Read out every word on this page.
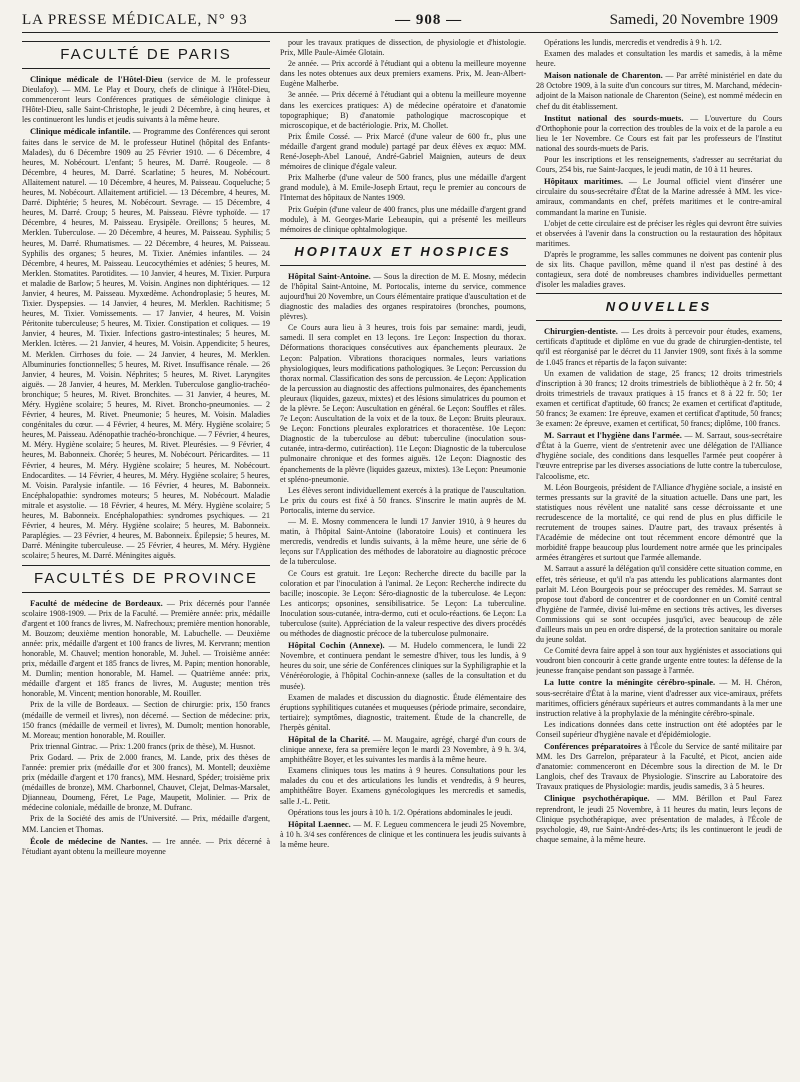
LA PRESSE MÉDICALE, N° 93	— 908 —	Samedi, 20 Novembre 1909
FACULTÉ DE PARIS

Clinique médicale de l'Hôtel-Dieu (service de M. le professeur Dieulafoy). — MM. Le Play et Doury, chefs de clinique à l'Hôtel-Dieu, commenceront leurs Conférences pratiques de séméiologie clinique à l'Hôtel-Dieu, salle Saint-Christophe, le jeudi 2 Décembre, à cinq heures, et les continueront les lundis et jeudis suivants à la même heure.

Clinique médicale infantile. — Programme des Conférences qui seront faites dans le service de M. le professeur Hutinel (hôpital des Enfants-Malades), du 6 Décembre 1909 au 25 Février 1910. — 6 Décembre, 4 heures, M. Nobécourt. L'enfant; 5 heures, M. Darré. Rougeole. — 8 Décembre, 4 heures, M. Darré. Scarlatine; 5 heures, M. Nobécourt. Allaitement naturel. — 10 Décembre, 4 heures, M. Paisseau. Coqueluche; 5 heures, M. Nobécourt. Allaitement artificiel. — 13 Décembre, 4 heures, M. Darré. Diphtérie; 5 heures, M. Nobécourt. Sevrage. — 15 Décembre, 4 heures, M. Darré. Croup; 5 heures, M. Paisseau. Fièvre typhoïde. — 17 Décembre, 4 heures, M. Paisseau. Erysipèle. Oreillons; 5 heures, M. Merklen. Tuberculose. — 20 Décembre, 4 heures, M. Paisseau. Syphilis; 5 heures, M. Darré. Rhumatismes. — 22 Décembre, 4 heures, M. Paisseau. Syphilis des organes; 5 heures, M. Tixier. Anémies infantiles. — 24 Décembre, 4 heures, M. Paisseau. Leucocythémies et adénies; 5 heures, M. Merklen. Stomatites. Parotidites. — 10 Janvier, 4 heures, M. Tixier. Purpura et maladie de Barlow; 5 heures, M. Voisin. Angines non diphtériques. — 12 Janvier, 4 heures, M. Paisseau. Myxœdème. Achondroplasie; 5 heures, M. Tixier. Dyspepsies. — 14 Janvier, 4 heures, M. Merklen. Rachitisme; 5 heures, M. Tixier. Vomissements. — 17 Janvier, 4 heures, M. Voisin Péritonite tuberculeuse; 5 heures, M. Tixier. Constipation et coliques. — 19 Janvier, 4 heures, M. Tixier. Infections gastro-intestinales; 5 heures, M. Merklen. Ictères. — 21 Janvier, 4 heures, M. Voisin. Appendicite; 5 heures, M. Merklen. Cirrhoses du foie. — 24 Janvier, 4 heures, M. Merklen. Albuminuries fonctionnelles; 5 heures, M. Rivet. Insuffisance rénale. — 26 Janvier, 4 heures, M. Voisin. Néphrites; 5 heures, M. Rivet. Laryngites aiguës. — 28 Janvier, 4 heures, M. Merklen. Tuberculose ganglio-trachéo-bronchique; 5 heures, M. Rivet. Bronchites. — 31 Janvier, 4 heures, M. Méry. Hygiène scolaire; 5 heures, M. Rivet. Broncho-pneumonies. — 2 Février, 4 heures, M. Rivet. Pneumonie; 5 heures, M. Voisin. Maladies congénitales du cœur. — 4 Février, 4 heures, M. Méry. Hygiène scolaire; 5 heures, M. Paisseau. Adénopathie trachéo-bronchique. — 7 Février, 4 heures, M. Méry. Hygiène scolaire; 5 heures, M. Rivet. Pleurésies. — 9 Février, 4 heures, M. Babonneix. Chorée; 5 heures, M. Nobécourt. Péricardites. — 11 Février, 4 heures, M. Méry. Hygiène scolaire; 5 heures, M. Nobécourt. Endocardites. — 14 Février, 4 heures, M. Méry. Hygiène scolaire; 5 heures, M. Voisin. Paralysie infantile. — 16 Février, 4 heures, M. Babonneix. Encéphalopathie: syndromes moteurs; 5 heures, M. Nobécourt. Maladie mitrale et asystolie. — 18 Février, 4 heures, M. Méry. Hygiène scolaire; 5 heures, M. Babonneix. Encéphalopathies: syndromes psychiques. — 21 Février, 4 heures, M. Méry. Hygiène scolaire; 5 heures, M. Babonneix. Paraplégies. — 23 Février, 4 heures, M. Babonneix. Épilepsie; 5 heures, M. Darré. Méningite tuberculeuse. — 25 Février, 4 heures, M. Méry. Hygiène scolaire; 5 heures, M. Darré. Méningites aiguës.

FACULTÉS DE PROVINCE

Faculté de médecine de Bordeaux. — Prix décernés pour l'année scolaire 1908-1909. — Prix de la Faculté. — Première année: prix, médaille d'argent et 100 francs de livres, M. Nafrechoux; première mention honorable, M. Bouzom; deuxième mention honorable, M. Labuchelle. — Deuxième année: prix, médaille d'argent et 100 francs de livres, M. Kervrann; mention honorable, M. Chauvel; mention honorable, M. Juhel. — Troisième année: prix, médaille d'argent et 185 francs de livres, M. Papin; mention honorable, M. Dumlin; mention honorable, M. Hamel. — Quatrième année: prix, médaille d'argent et 185 francs de livres, M. Auguste; mention très honorable, M. Vincent; mention honorable, M. Rouiller.

Prix de la ville de Bordeaux. — Section de chirurgie: prix, 150 francs (médaille de vermeil et livres), non décerné. — Section de médecine: prix, 150 francs (médaille de vermeil et livres), M. Dumolt; mention honorable, M. Moreau; mention honorable, M. Rouiller.

Prix triennal Gintrac. — Prix: 1.200 francs (prix de thèse), M. Husnot.

Prix Godard. — Prix de 2.000 francs, M. Lande, prix des thèses de l'année: premier prix (médaille d'or et 300 francs), M. Montell; deuxième prix (médaille d'argent et 170 francs), MM. Hesnard, Spéder; troisième prix (médailles de bronze), MM. Charbonnel, Chauvet, Clejat, Delmas-Marsalet, Djianneau, Doumeng, Féret, Le Page, Maupetit, Molinier. — Prix de médecine coloniale, médaille de bronze, M. Dufranc.

Prix de la Société des amis de l'Université. — Prix, médaille d'argent, MM. Lancien et Thomas.

École de médecine de Nantes. — 1re année. — Prix décerné à l'étudiant ayant obtenu la meilleure moyenne

pour les travaux pratiques de dissection, de physiologie et d'histologie. Prix, Mlle Paule-Aimée Glotain.

2e année. — Prix accordé à l'étudiant qui a obtenu la meilleure moyenne dans les notes obtenues aux deux premiers examens. Prix, M. Jean-Albert-Eugène Malherbe.

3e année. — Prix décerné à l'étudiant qui a obtenu la meilleure moyenne dans les exercices pratiques: A) de médecine opératoire et d'anatomie topographique; B) d'anatomie pathologique macroscopique et microscopique, et de bactériologie. Prix, M. Chollet.

Prix Émile Cossé. — Prix Marcé (d'une valeur de 600 fr., plus une médaille d'argent grand module) partagé par deux élèves ex æquo: MM. René-Joseph-Abel Lanoué, André-Gabriel Maignien, auteurs de deux mémoires de clinique d'égale valeur.

Prix Malherbe (d'une valeur de 500 francs, plus une médaille d'argent grand module), à M. Emile-Joseph Ertaut, reçu le premier au concours de l'Internat des hôpitaux de Nantes 1909.

Prix Guépin (d'une valeur de 400 francs, plus une médaille d'argent grand module), à M. Georges-Marie Lebeaupin, qui a présenté les meilleurs mémoires de clinique ophtalmologique.

HOPITAUX ET HOSPICES

Hôpital Saint-Antoine. — Sous la direction de M. E. Mosny, médecin de l'hôpital Saint-Antoine, M. Portocalis, interne du service, commence aujourd'hui 20 Novembre, un Cours élémentaire pratique d'auscultation et de diagnostic des maladies des organes respiratoires (bronches, poumons, plèvres).

Ce Cours aura lieu à 3 heures, trois fois par semaine: mardi, jeudi, samedi. Il sera complet en 13 leçons. 1re Leçon: Inspection du thorax. Déformations thoraciques consécutives aux épanchements pleuraux. 2e Leçon: Palpation. Vibrations thoraciques normales, leurs variations physiologiques, leurs modifications pathologiques. 3e Leçon: Percussion du thorax normal. Classification des sons de percussion. 4e Leçon: Application de la percussion au diagnostic des affections pulmonaires, des épanchements pleuraux (liquides, gazeux, mixtes) et des lésions simulatrices du poumon et de la plèvre. 5e Leçon: Auscultation en général. 6e Leçon: Souffles et râles. 7e Leçon: Auscultation de la voix et de la toux. 8e Leçon: Bruits pleuraux. 9e Leçon: Fonctions pleurales exploratrices et thoracentèse. 10e Leçon: Diagnostic de la tuberculose au début: tuberculine (inoculation sous-cutanée, intra-dermo, cutiréaction). 11e Leçon: Diagnostic de la tuberculose pulmonaire chronique et des formes aiguës. 12e Leçon: Diagnostic des épanchements de la plèvre (liquides gazeux, mixtes). 13e Leçon: Pneumonie et spléno-pneumonie.

Les élèves seront individuellement exercés à la pratique de l'auscultation. Le prix du cours est fixé à 50 francs. S'inscrire le matin auprès de M. Portocalis, interne du service.

— M. E. Mosny commencera le lundi 17 Janvier 1910, à 9 heures du matin, à l'hôpital Saint-Antoine (laboratoire Louis) et continuera les mercredis, vendredis et lundis suivants, à la même heure, une série de 6 leçons sur l'Application des méthodes de laboratoire au diagnostic précoce de la tuberculose.

Ce Cours est gratuit. 1re Leçon: Recherche directe du bacille par la coloration et par l'inoculation à l'animal. 2e Leçon: Recherche indirecte du bacille; inoscopie. 3e Leçon: Séro-diagnostic de la tuberculose. 4e Leçon: Les anticorps; opsonines, sensibilisatrice. 5e Leçon: La tuberculine. Inoculation sous-cutanée, intra-dermo, cuti et oculo-réactions. 6e Leçon: La tuberculose (suite). Appréciation de la valeur respective des divers procédés ou méthodes de diagnostic précoce de la tuberculose pulmonaire.

Hôpital Cochin (Annexe). — M. Hudelo commencera, le lundi 22 Novembre, et continuera pendant le semestre d'hiver, tous les lundis, à 9 heures du soir, une série de Conférences cliniques sur la Syphiligraphie et la Vénéréorologie, à l'hôpital Cochin-annexe (salles de la consultation et du musée).

Examen de malades et discussion du diagnostic. Étude élémentaire des éruptions syphilitiques cutanées et muqueuses (période primaire, secondaire, tertiaire); symptômes, diagnostic, traitement. Étude de la chancrelle, de l'herpès génital.

Hôpital de la Charité. — M. Maugaire, agrégé, chargé d'un cours de clinique annexe, fera sa première leçon le mardi 23 Novembre, à 9 h. 3/4, amphithéâtre Boyer, et les suivantes les mardis à la même heure.

Examens cliniques tous les matins à 9 heures. Consultations pour les malades du cou et des articulations les lundis et vendredis, à 9 heures, amphithéâtre Boyer. Examens gynécologiques les mercredis et samedis, salle J.-L. Petit.

Opérations tous les jours à 10 h. 1/2. Opérations abdominales le jeudi.

Hôpital Laennec. — M. F. Legueu commencera le jeudi 25 Novembre, à 10 h. 3/4 ses conférences de clinique et les continuera les jeudis suivants à la même heure.

Opérations les lundis, mercredis et vendredis à 9 h. 1/2.

Examen des malades et consultation les mardis et samedis, à la même heure.

Maison nationale de Charenton. — Par arrêté ministériel en date du 28 Octobre 1909, à la suite d'un concours sur titres, M. Marchand, médecin-adjoint de la Maison nationale de Charenton (Seine), est nommé médecin en chef du dit établissement.

Institut national des sourds-muets. — L'ouverture du Cours d'Orthophonie pour la correction des troubles de la voix et de la parole a eu lieu le 1er Novembre. Ce Cours est fait par les professeurs de l'Institut national des sourds-muets de Paris.

Pour les inscriptions et les renseignements, s'adresser au secrétariat du Cours, 254 bis, rue Saint-Jacques, le jeudi matin, de 10 à 11 heures.

Hôpitaux maritimes. — Le Journal officiel vient d'insérer une circulaire du sous-secrétaire d'État de la Marine adressée à MM. les vice-amiraux, commandants en chef, préfets maritimes et le contre-amiral commandant la marine en Tunisie.

L'objet de cette circulaire est de préciser les règles qui devront être suivies et observées à l'avenir dans la construction ou la restauration des hôpitaux maritimes.

D'après le programme, les salles communes ne doivent pas contenir plus de six lits. Chaque pavillon, même quand il n'est pas destiné à des contagieux, sera doté de nombreuses chambres individuelles permettant d'isoler les maladies graves.

NOUVELLES

Chirurgien-dentiste. — Les droits à percevoir pour études, examens, certificats d'aptitude et diplôme en vue du grade de chirurgien-dentiste, tel qu'il est réorganisé par le décret du 11 Janvier 1909, sont fixés à la somme de 1.045 francs et répartis de la façon suivante:

Un examen de validation de stage, 25 francs; 12 droits trimestriels d'inscription à 30 francs; 12 droits trimestriels de bibliothèque à 2 fr. 50; 4 droits trimestriels de travaux pratiques à 15 francs et 8 à 22 fr. 50; 1er examen et certificat d'aptitude, 60 francs; 2e examen et certificat d'aptitude, 50 francs; 3e examen: 1re épreuve, examen et certificat d'aptitude, 50 francs; 3e examen: 2e épreuve, examen et certificat, 50 francs; diplôme, 100 francs.

M. Sarraut et l'hygiène dans l'armée. — M. Sarraut, sous-secrétaire d'État à la Guerre, vient de s'entretenir avec une délégation de l'Alliance d'hygiène sociale, des conditions dans lesquelles l'armée peut coopérer à l'œuvre entreprise par les diverses associations de lutte contre la tuberculose, l'alcoolisme, etc.

M. Léon Bourgeois, président de l'Alliance d'hygiène sociale, a insisté en termes pressants sur la gravité de la situation actuelle. Dans une part, les statistiques nous révèlent une natalité sans cesse décroissante et une recrudescence de la mortalité, ce qui rend de plus en plus difficile le recrutement de troupes saines. D'autre part, des travaux présentés à l'Académie de médecine ont tout récemment encore démontré que la morbidité frappe beaucoup plus lourdement notre armée que les principales armées étrangères et surtout que l'armée allemande.

M. Sarraut a assuré la délégation qu'il considère cette situation comme, en effet, très sérieuse, et qu'il n'a pas attendu les publications alarmantes dont parlait M. Léon Bourgeois pour se préoccuper des remèdes. M. Sarraut se propose tout d'abord de concentrer et de coordonner en un Comité central d'hygiène de l'armée, divisé lui-même en sections très actives, les diverses Commissions qui se sont occupées jusqu'ici, avec beaucoup de zèle d'ailleurs mais un peu en ordre dispersé, de la protection sanitaire ou morale du jeune soldat.

Ce Comité devra faire appel à son tour aux hygiénistes et associations qui voudront bien concourir à cette grande urgente entre toutes: la défense de la jeunesse française pendant son passage à l'armée.

La lutte contre la méningite cérébro-spinale. — M. H. Chéron, sous-secrétaire d'État à la marine, vient d'adresser aux vice-amiraux, préfets maritimes, officiers généraux supérieurs et autres commandants à la mer une instruction relative à la prophylaxie de la méningite cérébro-spinale.

Les indications données dans cette instruction ont été adoptées par le Conseil supérieur d'hygiène navale et d'épidémiologie.

Conférences préparatoires à l'École du Service de santé militaire par MM. les Drs Garrelon, préparateur à la Faculté, et Picot, ancien aide d'anatomie: commenceront en Décembre sous la direction de M. le Dr Langlois, chef des Travaux de Physiologie. S'inscrire au Laboratoire des Travaux pratiques de Physiologie: mardis, jeudis samedis, 3 à 5 heures.

Clinique psychothérapique. — MM. Bérillon et Paul Farez reprendront, le jeudi 25 Novembre, à 11 heures du matin, leurs leçons de Clinique psychothérapique, avec présentation de malades, à l'École de psychologie, 49, rue Saint-André-des-Arts; ils les continueront le jeudi de chaque semaine, à la même heure.
